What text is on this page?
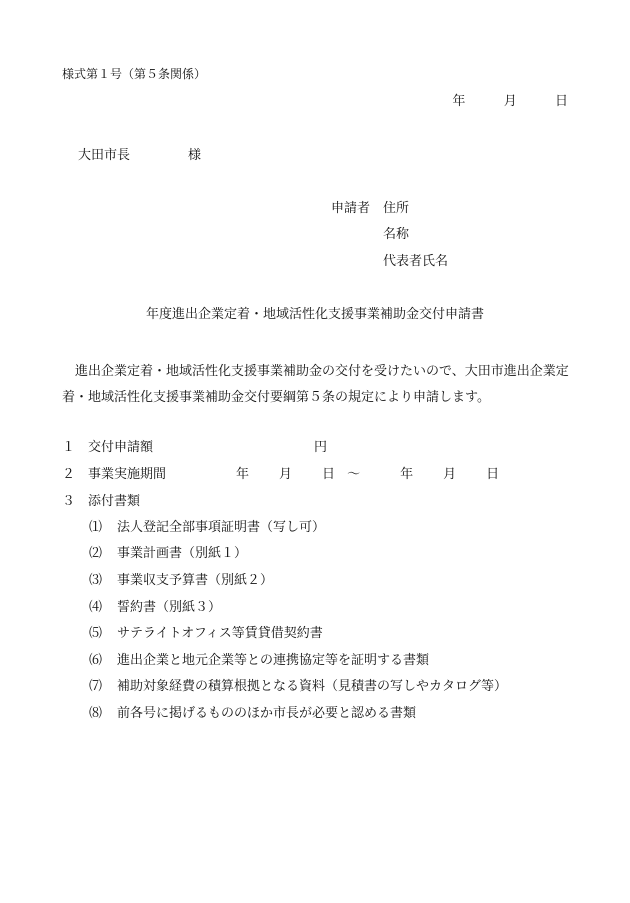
様式第１号（第５条関係）
年	月	日
大田市長	様
申請者 住所
名称
代表者氏名
年度進出企業定着・地域活性化支援事業補助金交付申請書

進出企業定着・地域活性化支援事業補助金の交付を受けたいので、大田市進出企業定着・地域活性化支援事業補助金交付要綱第５条の規定により申請します。

１ 交付申請額	円
２ 事業実施期間	年 月 日 ～	年 月 日
３ 添付書類
⑴ 法人登記全部事項証明書（写し可）
⑵ 事業計画書（別紙１）
⑶ 事業収支予算書（別紙２）
⑷ 誓約書（別紙３）
⑸ サテライトオフィス等賃貸借契約書
⑹ 進出企業と地元企業等との連携協定等を証明する書類
⑺ 補助対象経費の積算根拠となる資料（見積書の写しやカタログ等）
⑻ 前各号に掲げるもののほか市長が必要と認める書類
